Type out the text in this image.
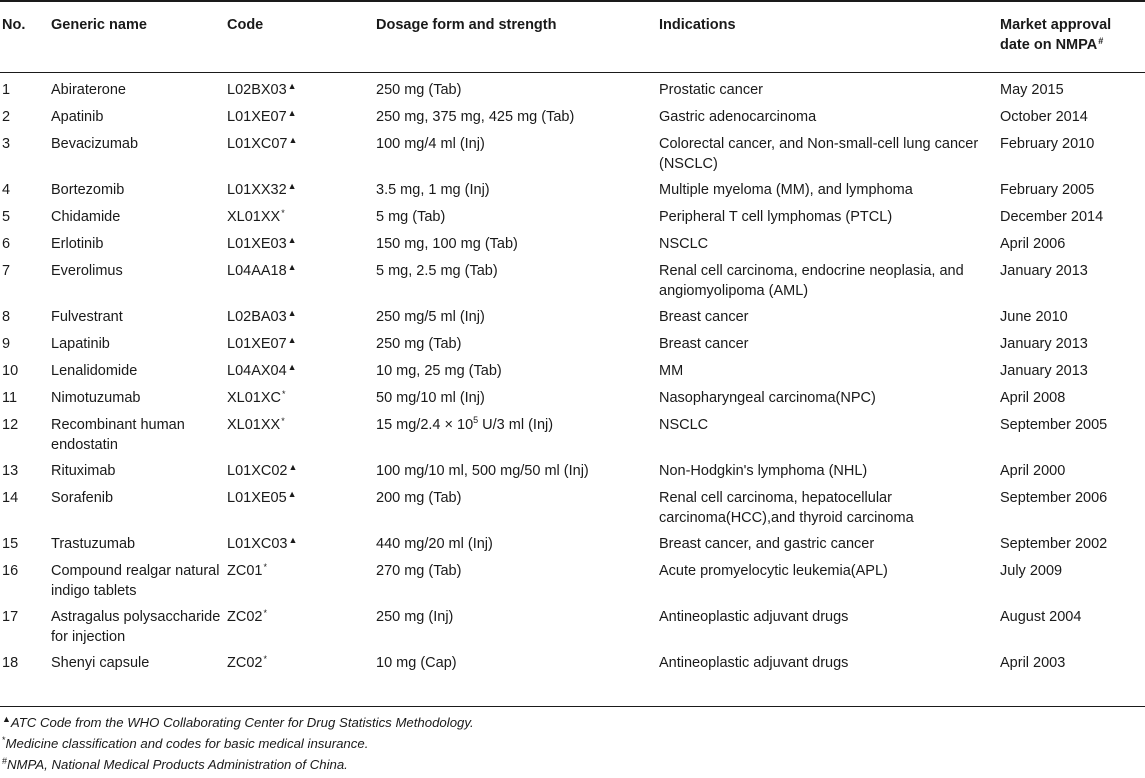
No.	Generic name	Code	Dosage form and strength	Indications	Market approval
date on NMPA#
1	Abiraterone	L02BX03▲	250 mg (Tab)	Prostatic cancer	May 2015
2	Apatinib	L01XE07▲	250 mg, 375 mg, 425 mg (Tab)	Gastric adenocarcinoma	October 2014
3	Bevacizumab	L01XC07▲	100 mg/4 ml (Inj)	Colorectal cancer, and Non-small-cell lung cancer (NSCLC)	February 2010
4	Bortezomib	L01XX32▲	3.5 mg, 1 mg (Inj)	Multiple myeloma (MM), and lymphoma	February 2005
5	Chidamide	XL01XX*	5 mg (Tab)	Peripheral T cell lymphomas (PTCL)	December 2014
6	Erlotinib	L01XE03▲	150 mg, 100 mg (Tab)	NSCLC	April 2006
7	Everolimus	L04AA18▲	5 mg, 2.5 mg (Tab)	Renal cell carcinoma, endocrine neoplasia, and angiomyolipoma (AML)	January 2013
8	Fulvestrant	L02BA03▲	250 mg/5 ml (Inj)	Breast cancer	June 2010
9	Lapatinib	L01XE07▲	250 mg (Tab)	Breast cancer	January 2013
10	Lenalidomide	L04AX04▲	10 mg, 25 mg (Tab)	MM	January 2013
11	Nimotuzumab	XL01XC*	50 mg/10 ml (Inj)	Nasopharyngeal carcinoma(NPC)	April 2008
12	Recombinant human endostatin	XL01XX*	15 $mg/2.4 \times 10^5$ U/3 ml (Inj)	NSCLC	September 2005
13	Rituximab	L01XC02▲	100 mg/10 ml, 500 mg/50 ml (Inj)	Non-Hodgkin's lymphoma (NHL)	April 2000
14	Sorafenib	L01XE05▲	200 mg (Tab)	Renal cell carcinoma, hepatocellular carcinoma(HCC),and thyroid carcinoma	September 2006
15	Trastuzumab	L01XC03▲	440 mg/20 ml (Inj)	Breast cancer, and gastric cancer	September 2002
16	Compound realgar natural indigo tablets	ZC01*	270 mg (Tab)	Acute promyelocytic leukemia(APL)	July 2009
17	Astragalus polysaccharide for injection	ZC02*	250 mg (Inj)	Antineoplastic adjuvant drugs	August 2004
18	Shenyi capsule	ZC02*	10 mg (Cap)	Antineoplastic adjuvant drugs	April 2003
▲ATC Code from the WHO Collaborating Center for Drug Statistics Methodology.
*Medicine classification and codes for basic medical insurance.
#NMPA, National Medical Products Administration of China.
